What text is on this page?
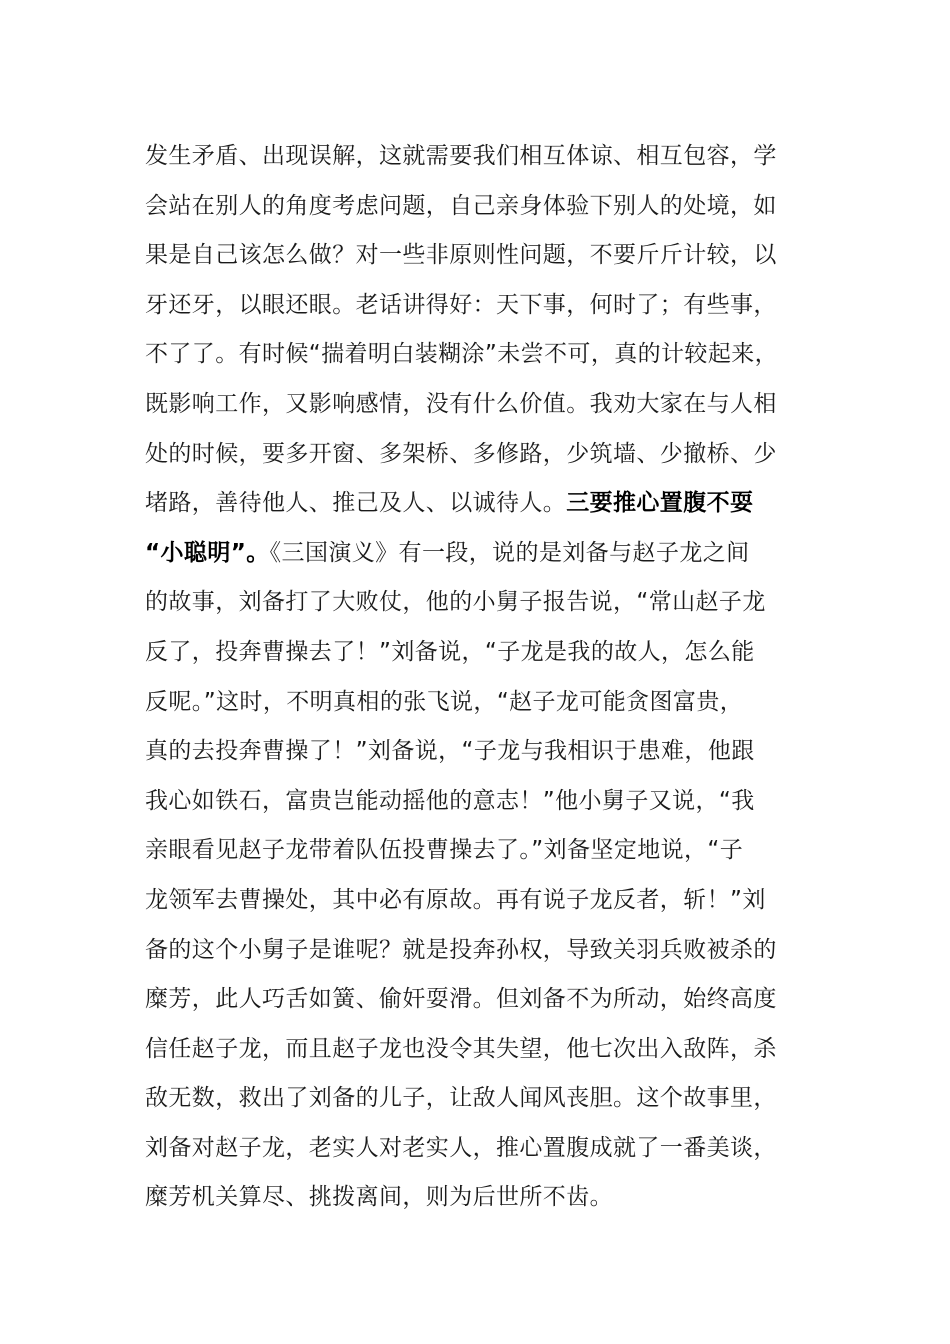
发生矛盾、出现误解，这就需要我们相互体谅、相互包容，学
会站在别人的角度考虑问题，自己亲身体验下别人的处境，如
果是自己该怎么做？对一些非原则性问题，不要斤斤计较，以
牙还牙，以眼还眼。老话讲得好：天下事，何时了；有些事，
不了了。有时候“揣着明白装糊涂”未尝不可，真的计较起来，
既影响工作，又影响感情，没有什么价值。我劝大家在与人相
处的时候，要多开窗、多架桥、多修路，少筑墙、少撤桥、少
堵路，善待他人、推己及人、以诚待人。三要推心置腹不耍
“小聪明”。《三国演义》有一段，说的是刘备与赵子龙之间
的故事，刘备打了大败仗，他的小舅子报告说，“常山赵子龙
反了，投奔曹操去了！”刘备说，“子龙是我的故人，怎么能
反呢。”这时，不明真相的张飞说，“赵子龙可能贪图富贵，
真的去投奔曹操了！”刘备说，“子龙与我相识于患难，他跟
我心如铁石，富贵岂能动摇他的意志！”他小舅子又说，“我
亲眼看见赵子龙带着队伍投曹操去了。”刘备坚定地说，“子
龙领军去曹操处，其中必有原故。再有说子龙反者，斩！”刘
备的这个小舅子是谁呢？就是投奔孙权，导致关羽兵败被杀的
糜芳，此人巧舌如簧、偷奸耍滑。但刘备不为所动，始终高度
信任赵子龙，而且赵子龙也没令其失望，他七次出入敌阵，杀
敌无数，救出了刘备的儿子，让敌人闻风丧胆。这个故事里，
刘备对赵子龙，老实人对老实人，推心置腹成就了一番美谈，
糜芳机关算尽、挑拨离间，则为后世所不齿。
